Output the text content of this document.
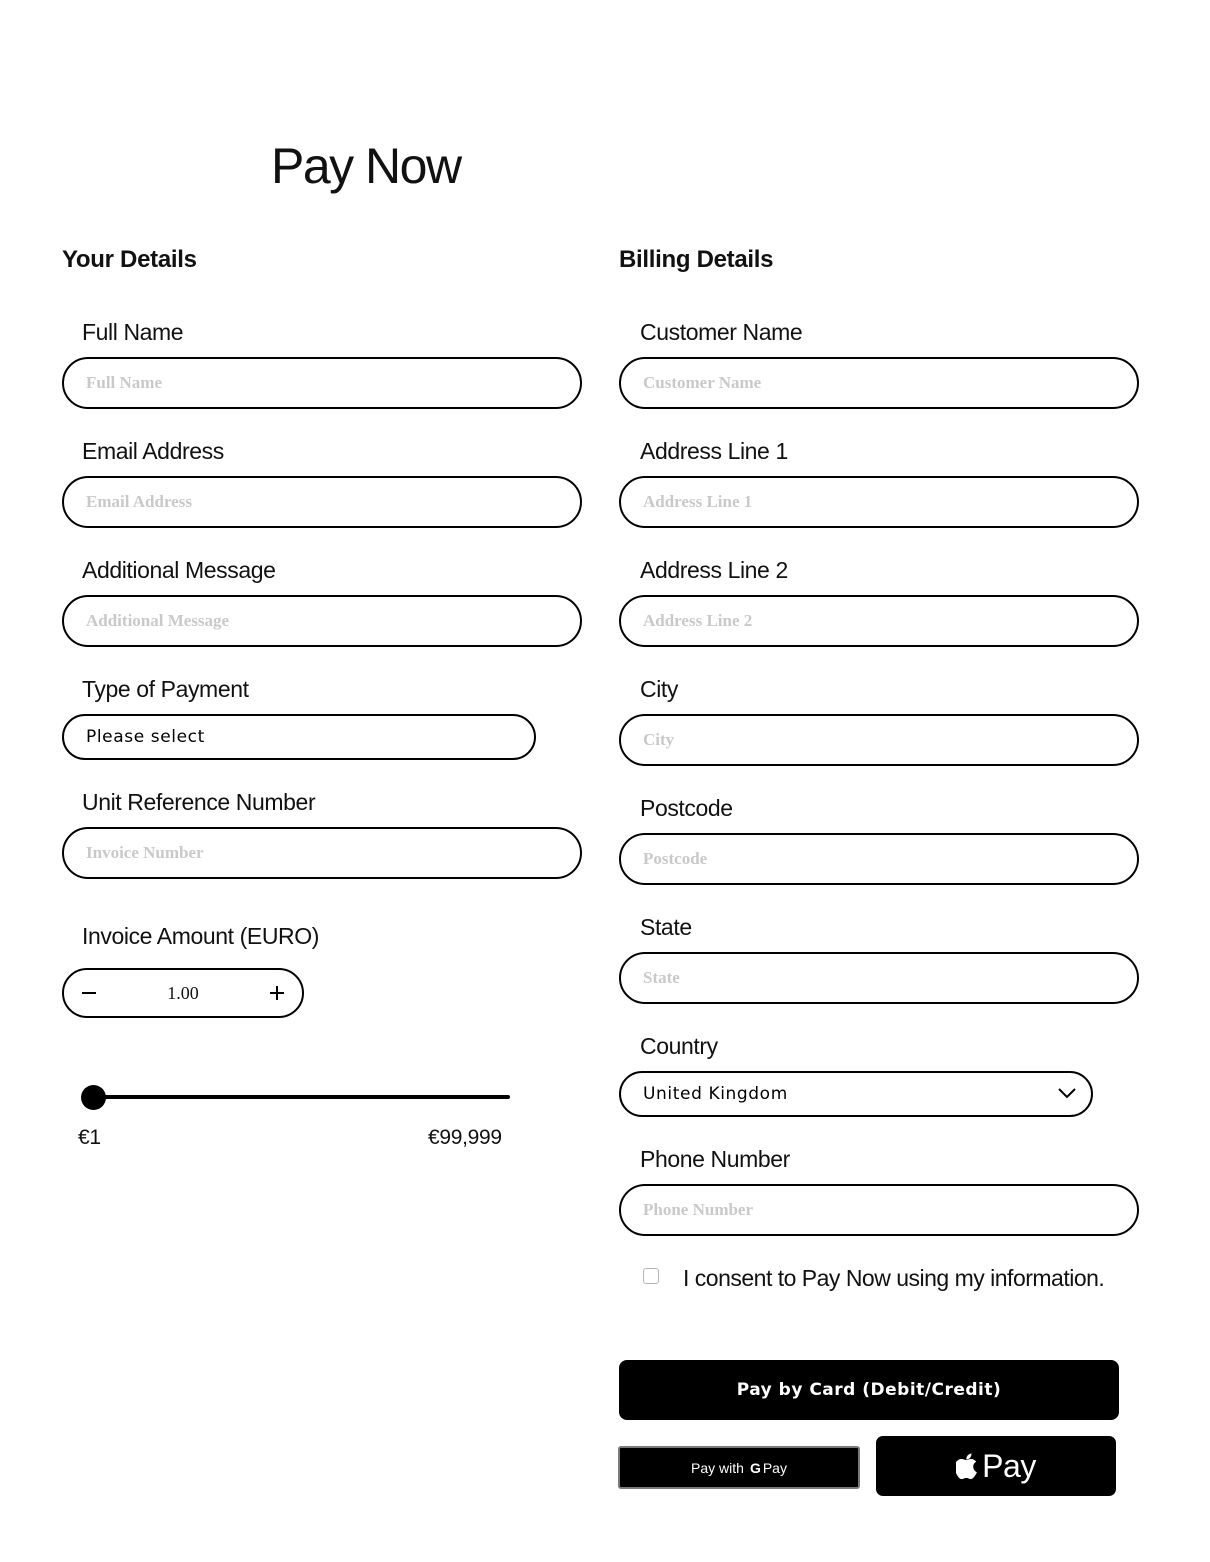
Pay Now
Your Details
Full Name
Full Name
Email Address
Email Address
Additional Message
Additional Message
Type of Payment
Please select
Unit Reference Number
Invoice Number
Invoice Amount (EURO)
1.00
€1	€99,999
Billing Details
Customer Name
Customer Name
Address Line 1
Address Line 1
Address Line 2
Address Line 2
City
City
Postcode
Postcode
State
State
Country
United Kingdom
Phone Number
Phone Number
I consent to Pay Now using my information.
Pay by Card (Debit/Credit)
Pay with G Pay	Pay
